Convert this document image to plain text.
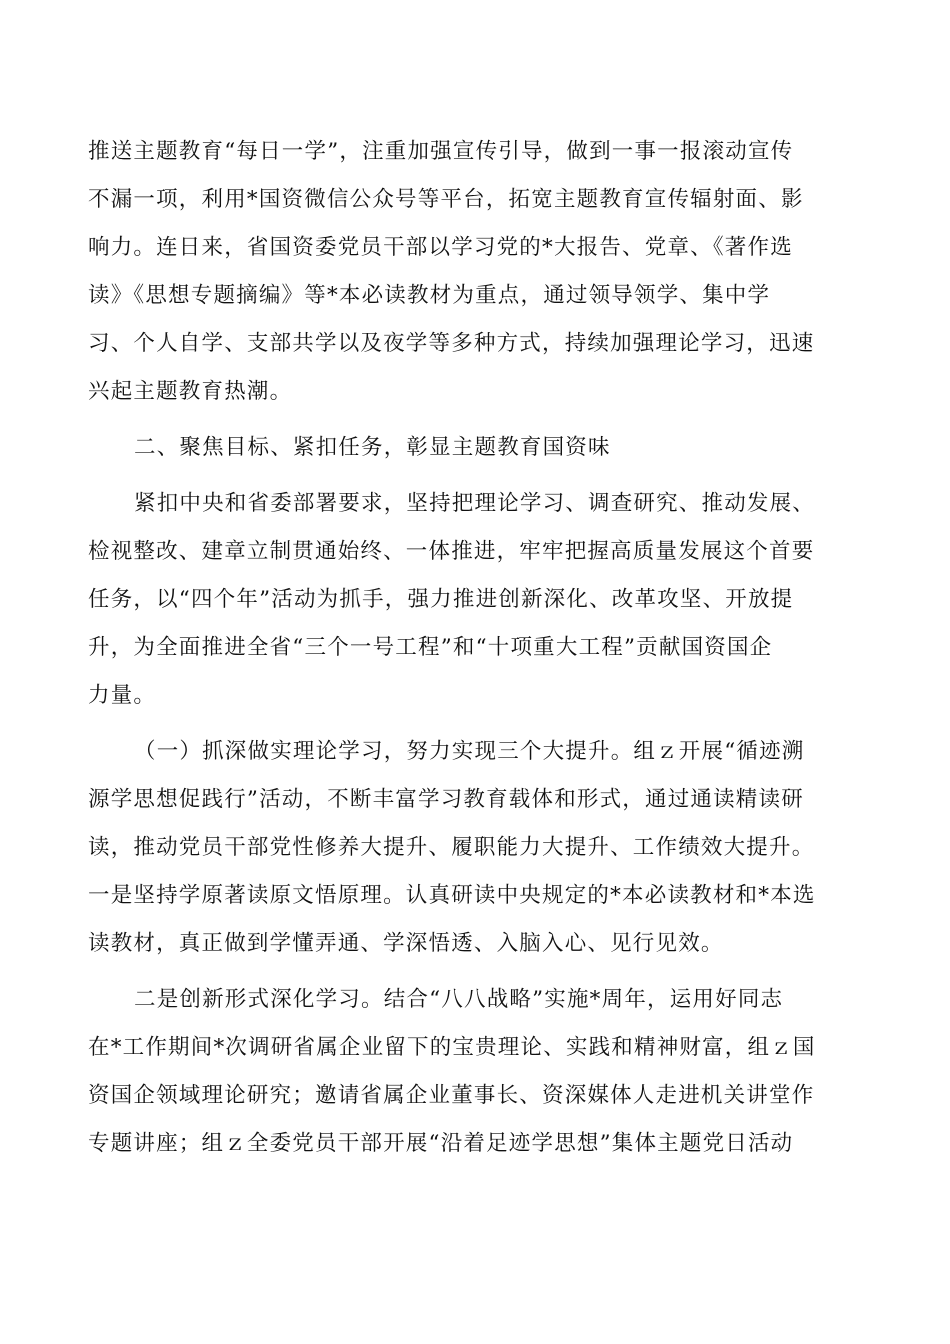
推送主题教育“每日一学”，注重加强宣传引导，做到一事一报滚动宣传
不漏一项，利用*国资微信公众号等平台，拓宽主题教育宣传辐射面、影
响力。连日来，省国资委党员干部以学习党的*大报告、党章、《著作选
读》《思想专题摘编》等*本必读教材为重点，通过领导领学、集中学
习、个人自学、支部共学以及夜学等多种方式，持续加强理论学习，迅速
兴起主题教育热潮。
二、聚焦目标、紧扣任务，彰显主题教育国资味
紧扣中央和省委部署要求，坚持把理论学习、调查研究、推动发展、
检视整改、建章立制贯通始终、一体推进，牢牢把握高质量发展这个首要
任务，以“四个年”活动为抓手，强力推进创新深化、改革攻坚、开放提
升，为全面推进全省“三个一号工程”和“十项重大工程”贡献国资国企
力量。
（一）抓深做实理论学习，努力实现三个大提升。组ｚ开展“循迹溯
源学思想促践行”活动，不断丰富学习教育载体和形式，通过通读精读研
读，推动党员干部党性修养大提升、履职能力大提升、工作绩效大提升。
一是坚持学原著读原文悟原理。认真研读中央规定的*本必读教材和*本选
读教材，真正做到学懂弄通、学深悟透、入脑入心、见行见效。
二是创新形式深化学习。结合“八八战略”实施*周年，运用好同志
在*工作期间*次调研省属企业留下的宝贵理论、实践和精神财富，组ｚ国
资国企领域理论研究；邀请省属企业董事长、资深媒体人走进机关讲堂作
专题讲座；组ｚ全委党员干部开展“沿着足迹学思想”集体主题党日活动
